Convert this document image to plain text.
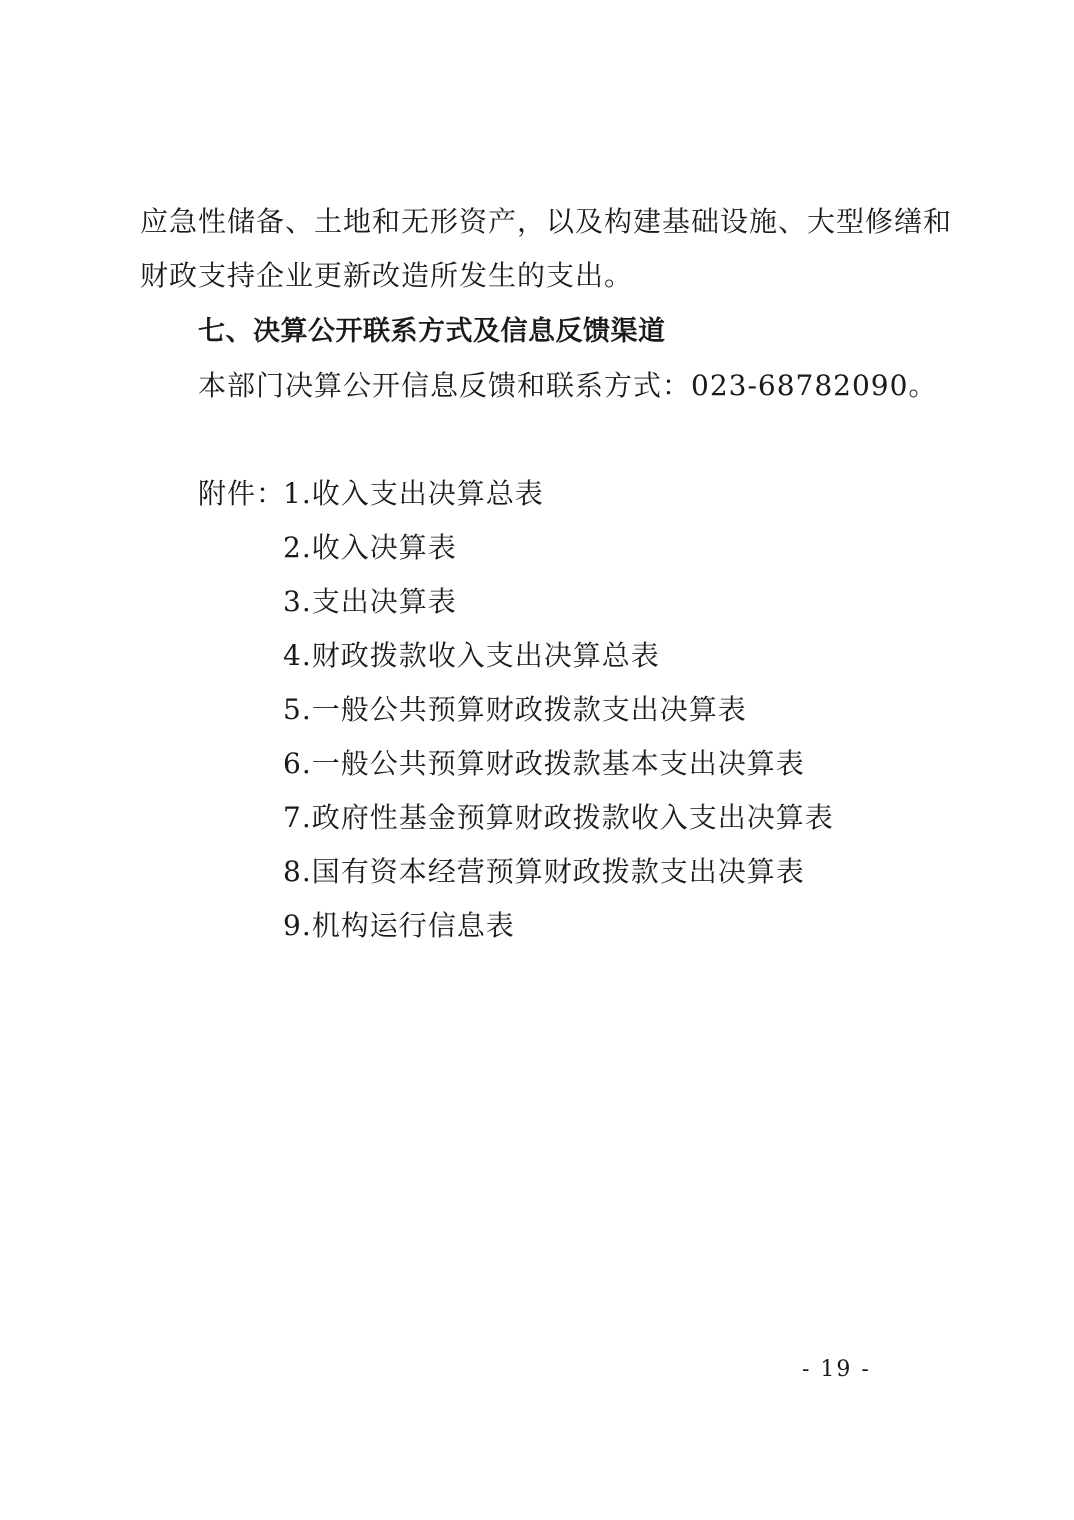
应急性储备、土地和无形资产，以及构建基础设施、大型修缮和
财政支持企业更新改造所发生的支出。
七、决算公开联系方式及信息反馈渠道
本部门决算公开信息反馈和联系方式：023-68782090。
附件：
1.收入支出决算总表
2.收入决算表
3.支出决算表
4.财政拨款收入支出决算总表
5.一般公共预算财政拨款支出决算表
6.一般公共预算财政拨款基本支出决算表
7.政府性基金预算财政拨款收入支出决算表
8.国有资本经营预算财政拨款支出决算表
9.机构运行信息表
- 19 -
